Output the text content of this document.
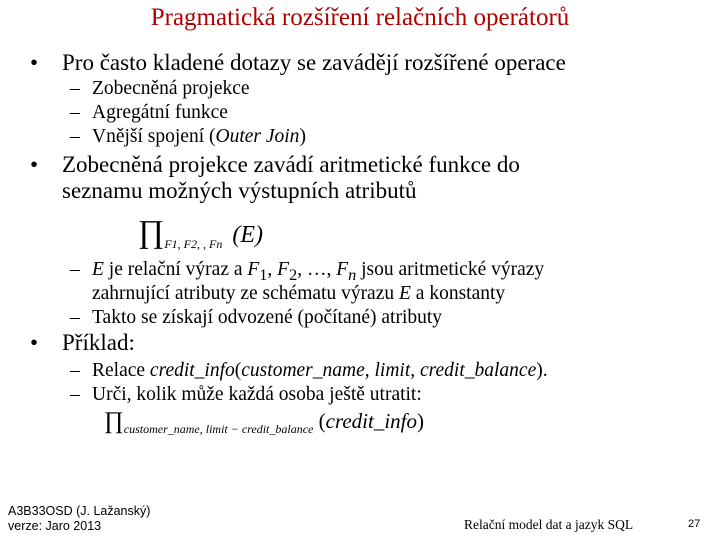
Pragmatická rozšíření relačních operátorů
• Pro často kladené dotazy se zavádějí rozšířené operace
– Zobecněná projekce
– Agregátní funkce
– Vnější spojení (Outer Join)
• Zobecněná projekce zavádí aritmetické funkce do
seznamu možných výstupních atributů
$\prod_{F1, F2, , Fn}$ (E)
– E je relační výraz a $F_1$, $F_2$, …, $F_n$ jsou aritmetické výrazy
zahrnující atributy ze schématu výrazu E a konstanty
– Takto se získají odvozené (počítané) atributy
• Příklad:
– Relace credit_info(customer_name, limit, credit_balance).
– Urči, kolik může každá osoba ještě utratit:
$\prod_{customer\_name, limit - credit\_balance}$ (credit_info)
A3B33OSD (J. Lažanský)
verze: Jaro 2013	Relační model dat a jazyk SQL	27
